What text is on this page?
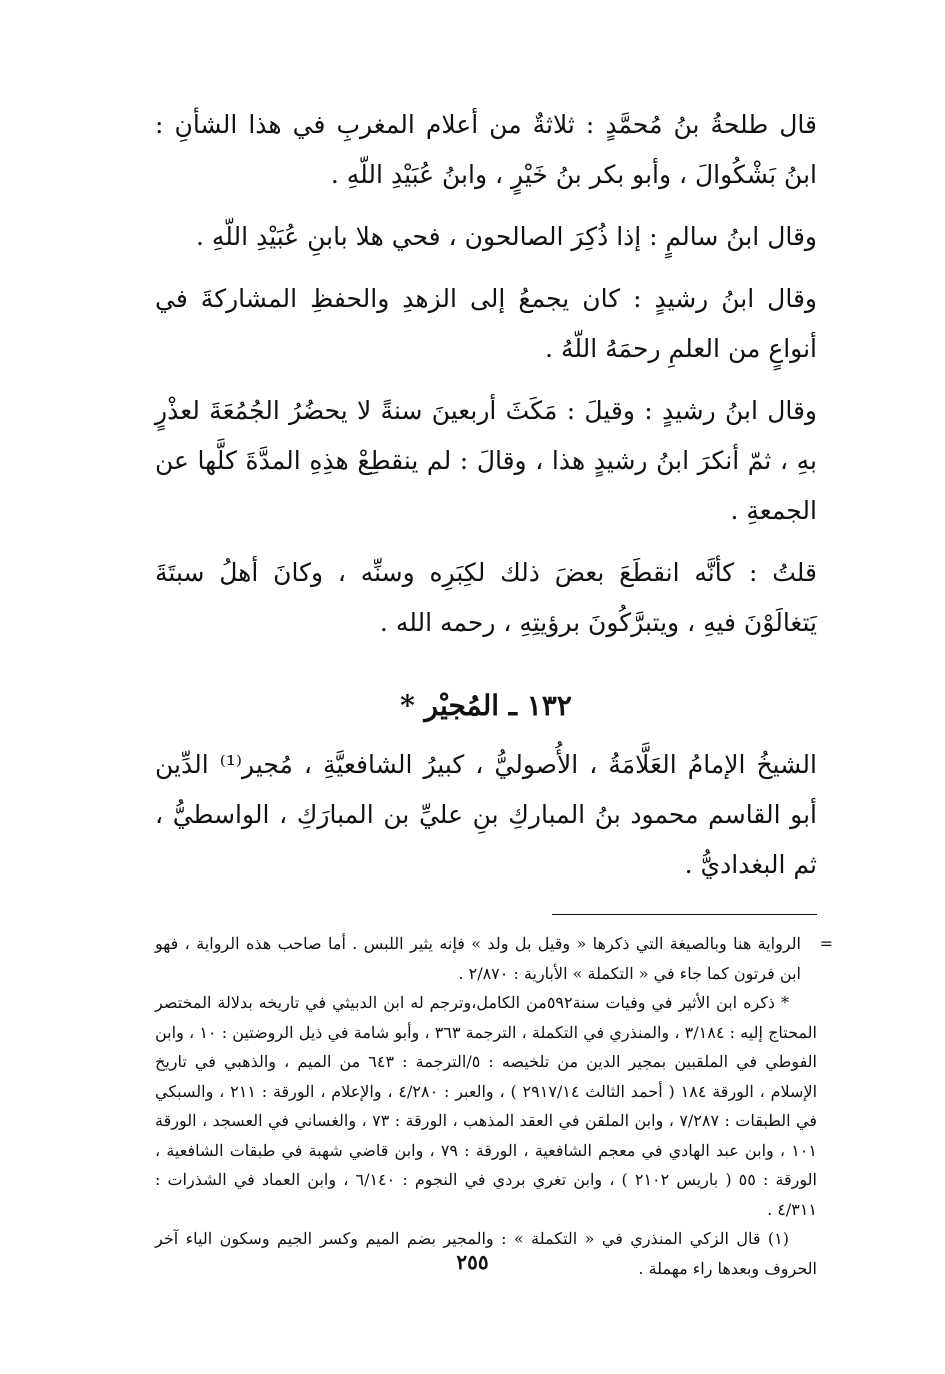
قال طلحةُ بنُ مُحمَّدٍ : ثلاثةٌ من أعلام المغربِ في هذا الشأنِ : ابنُ بَشْكُوالَ ، وأبو بكر بنُ خَيْرٍ ، وابنُ عُبَيْدِ اللّهِ .

وقال ابنُ سالمٍ : إذا ذُكِرَ الصالحون ، فحي هلا بابنِ عُبَيْدِ اللّهِ .

وقال ابنُ رشيدٍ : كان يجمعُ إلى الزهدِ والحفظِ المشاركةَ في أنواعٍ من العلمِ رحمَهُ اللّهُ .

وقال ابنُ رشيدٍ : وقيلَ : مَكَثَ أربعينَ سنةً لا يحضُرُ الجُمُعَةَ لعذْرٍ بهِ ، ثمّ أنكرَ ابنُ رشيدٍ هذا ، وقالَ : لم ينقطِعْ هذِهِ المدَّةَ كلَّها عن الجمعةِ .

قلتُ : كأنَّه انقطَعَ بعضَ ذلك لكِبَرِه وسنِّه ، وكانَ أهلُ سبتَةَ يَتغالَوْنَ فيهِ ، ويتبرَّكُونَ برؤيتِهِ ، رحمه الله .

١٣٢ ـ المُجيْر *

الشيخُ الإمامُ العَلَّامَةُ ، الأُصوليُّ ، كبيرُ الشافعيَّةِ ، مُجير⁽¹⁾ الدِّين أبو القاسم محمود بنُ المباركِ بنِ عليِّ بن المبارَكِ ، الواسطيُّ ، ثم البغداديُّ .

=
الرواية هنا وبالصيغة التي ذكرها « وقيل بل ولد » فإنه يثير اللبس . أما صاحب هذه الرواية ، فهو ابن فرتون كما جاء في « التكملة » الأبارية : ٢/٨٧٠ .

* ذكره ابن الأثير في وفيات سنة٥٩٢من الكامل،وترجم له ابن الدبيثي في تاريخه بدلالة المختصر المحتاج إليه : ٣/١٨٤ ، والمنذري في التكملة ، الترجمة ٣٦٣ ، وأبو شامة في ذيل الروضتين : ١٠ ، وابن الفوطي في الملقبين بمجير الدين من تلخيصه : ٥/الترجمة : ٦٤٣ من الميم ، والذهبي في تاريخ الإسلام ، الورقة ١٨٤ ( أحمد الثالث ٢٩١٧/١٤ ) ، والعبر : ٤/٢٨٠ ، والإعلام ، الورقة : ٢١١ ، والسبكي في الطبقات : ٧/٢٨٧ ، وابن الملقن في العقد المذهب ، الورقة : ٧٣ ، والغساني في العسجد ، الورقة ١٠١ ، وابن عبد الهادي في معجم الشافعية ، الورقة : ٧٩ ، وابن قاضي شهبة في طبقات الشافعية ، الورقة : ٥٥ ( باريس ٢١٠٢ ) ، وابن تغري بردي في النجوم : ٦/١٤٠ ، وابن العماد في الشذرات : ٤/٣١١ .

(١) قال الزكي المنذري في « التكملة » : والمجير بضم الميم وكسر الجيم وسكون الياء آخر الحروف وبعدها راء مهملة .

٢٥٥
